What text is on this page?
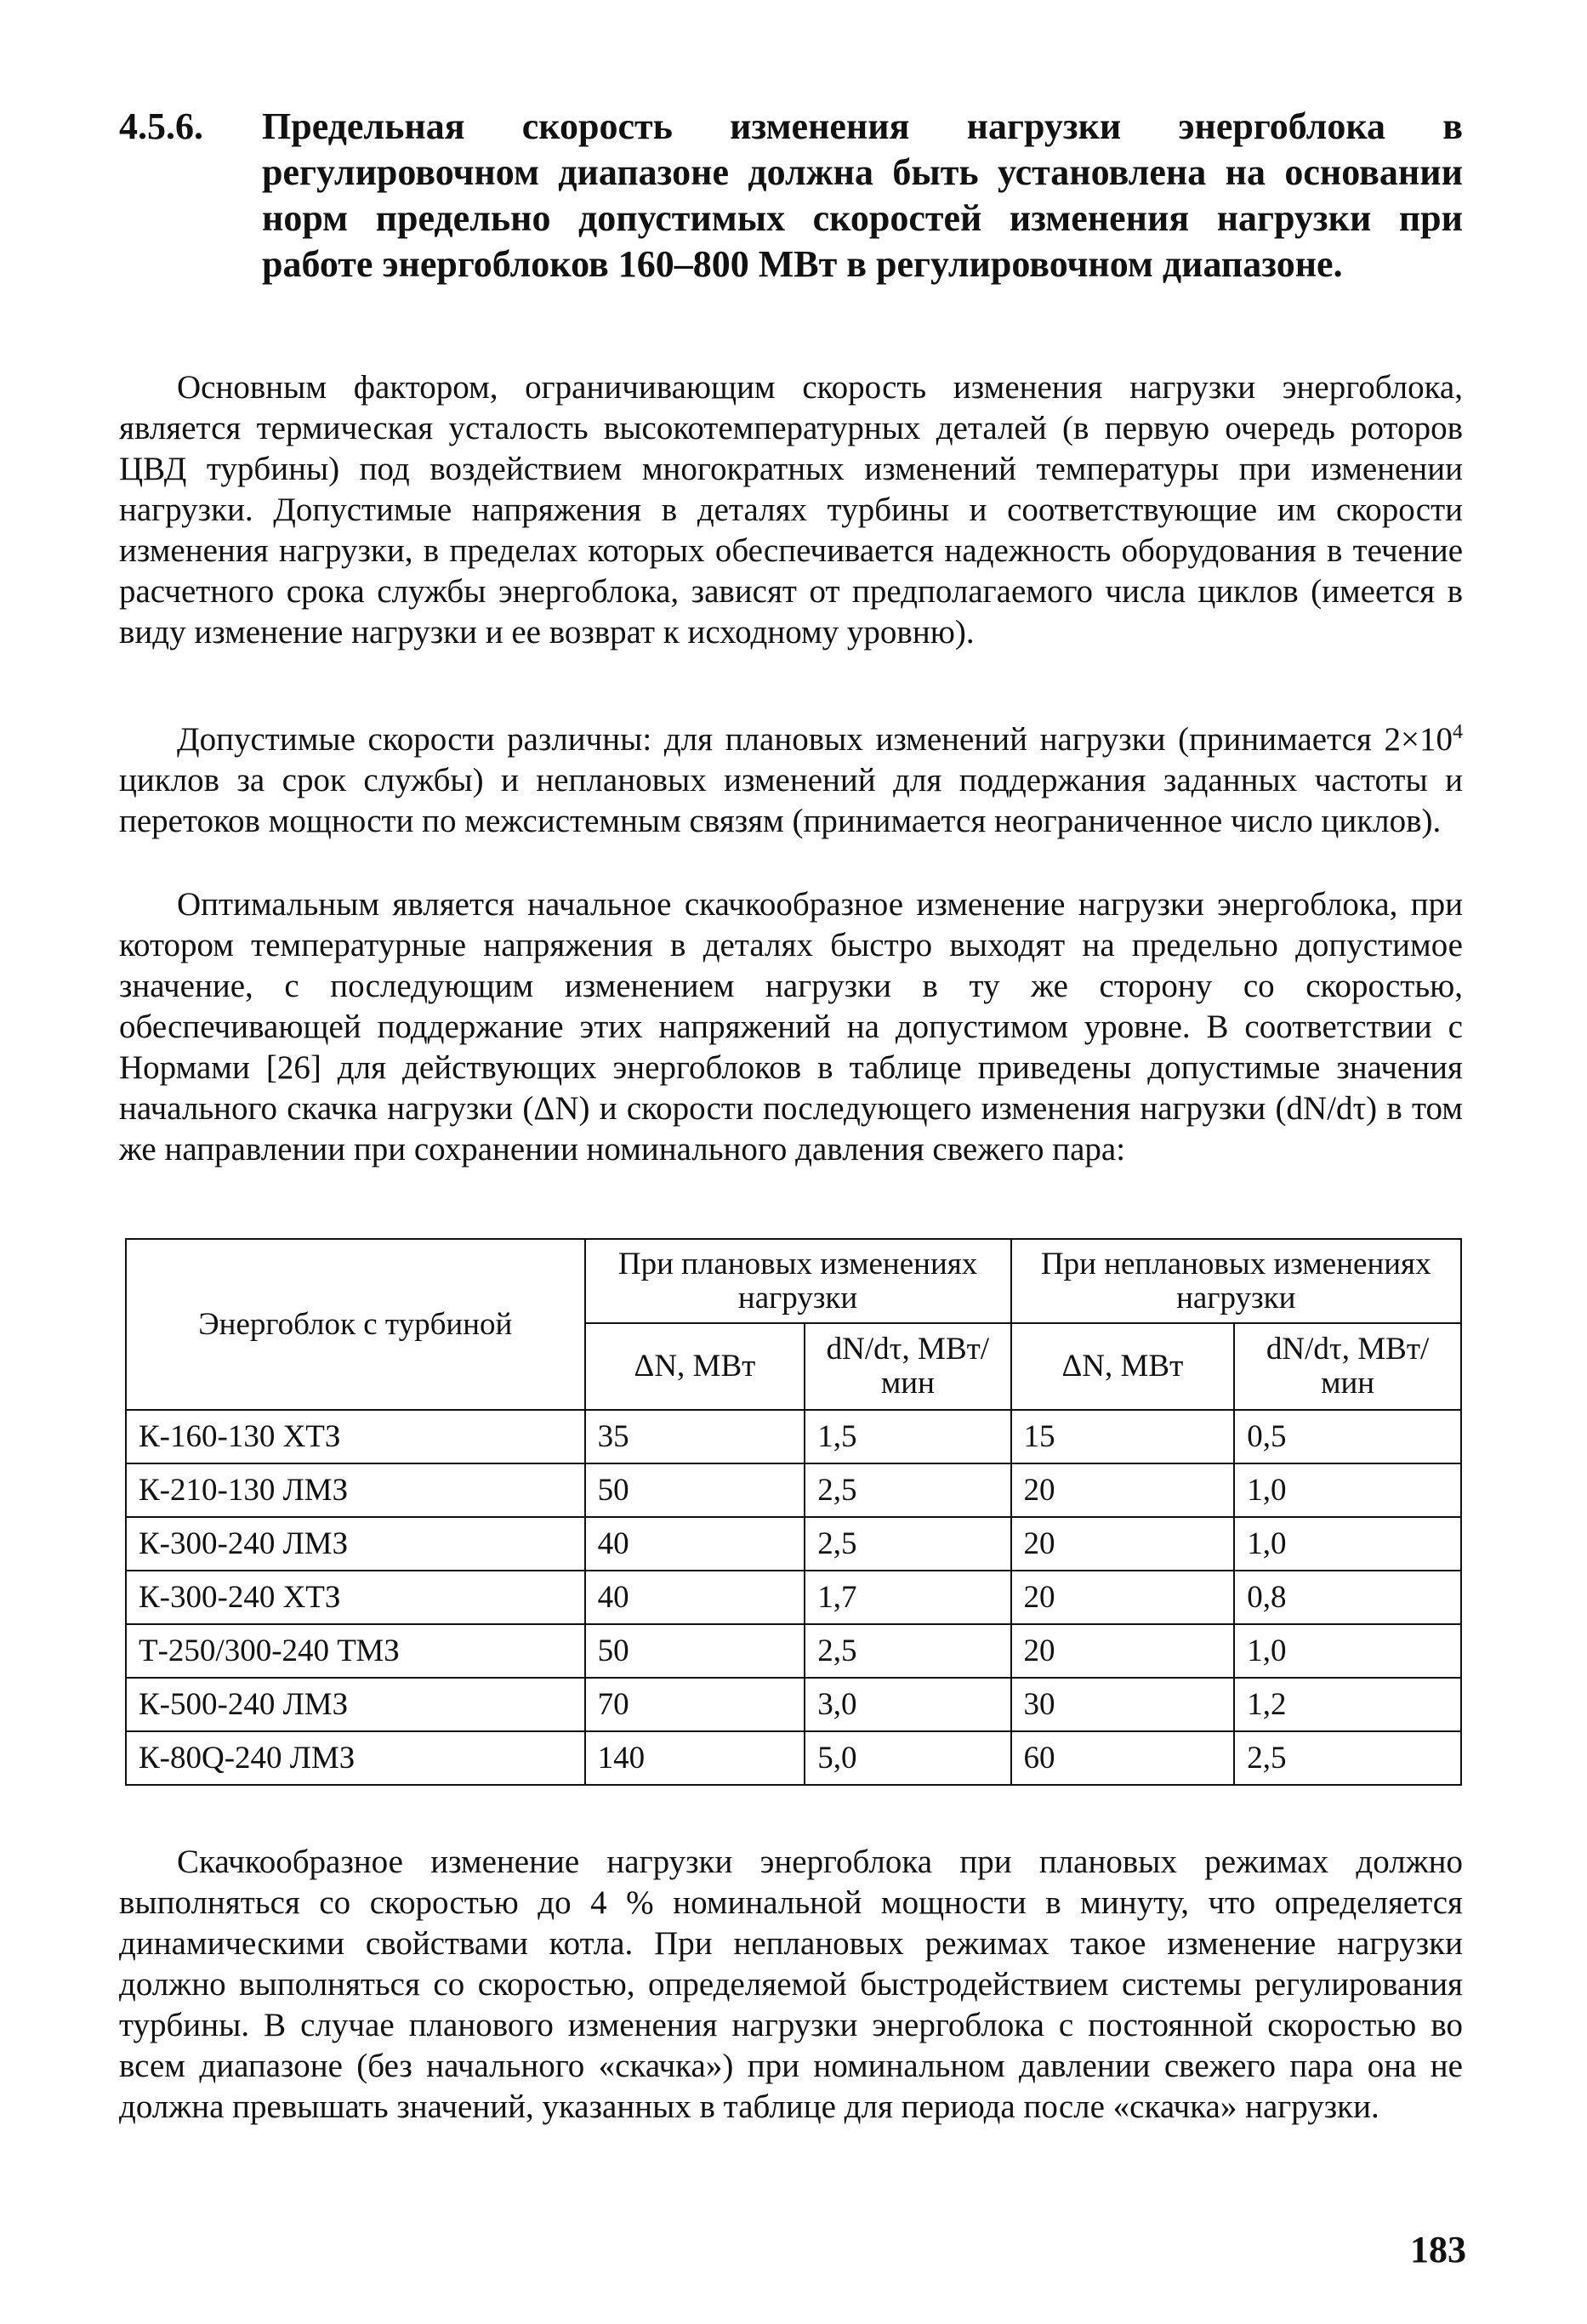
4.5.6.	Предельная скорость изменения нагрузки энергоблока в регулировочном диапазоне должна быть установлена на основании норм предельно допустимых скоростей изменения нагрузки при работе энергоблоков 160–800 МВт в регулировочном диапазоне.

Основным фактором, ограничивающим скорость изменения нагрузки энергоблока, является термическая усталость высокотемпературных деталей (в первую очередь роторов ЦВД турбины) под воздействием многократных изменений температуры при изменении нагрузки. Допустимые напряжения в деталях турбины и соответствующие им скорости изменения нагрузки, в пределах которых обеспечивается надежность оборудования в течение расчетного срока службы энергоблока, зависят от предполагаемого числа циклов (имеется в виду изменение нагрузки и ее возврат к исходному уровню).

Допустимые скорости различны: для плановых изменений нагрузки (принимается $2\times 10^4$ циклов за срок службы) и неплановых изменений для поддержания заданных частоты и перетоков мощности по межсистемным связям (принимается неограниченное число циклов).

Оптимальным является начальное скачкообразное изменение нагрузки энергоблока, при котором температурные напряжения в деталях быстро выходят на предельно допустимое значение, с последующим изменением нагрузки в ту же сторону со скоростью, обеспечивающей поддержание этих напряжений на допустимом уровне. В соответствии с Нормами [26] для действующих энергоблоков в таблице приведены допустимые значения начального скачка нагрузки (ΔN) и скорости последующего изменения нагрузки (dN/dτ) в том же направлении при сохранении номинального давления свежего пара:

Энергоблок с турбиной	При плановых изменениях нагрузки		При неплановых изменениях нагрузки	
	ΔN, МВт	dN/dτ, МВт/мин	ΔN, МВт	dN/dτ, МВт/мин
К-160-130 ХТЗ	35	1,5	15	0,5
К-210-130 ЛМЗ	50	2,5	20	1,0
К-300-240 ЛМЗ	40	2,5	20	1,0
К-300-240 ХТЗ	40	1,7	20	0,8
Т-250/300-240 ТМЗ	50	2,5	20	1,0
К-500-240 ЛМЗ	70	3,0	30	1,2
К-80Q-240 ЛМЗ	140	5,0	60	2,5

Скачкообразное изменение нагрузки энергоблока при плановых режимах должно выполняться со скоростью до 4 % номинальной мощности в минуту, что определяется динамическими свойствами котла. При неплановых режимах такое изменение нагрузки должно выполняться со скоростью, определяемой быстродействием системы регулирования турбины. В случае планового изменения нагрузки энергоблока с постоянной скоростью во всем диапазоне (без начального «скачка») при номинальном давлении свежего пара она не должна превышать значений, указанных в таблице для периода после «скачка» нагрузки.

183
